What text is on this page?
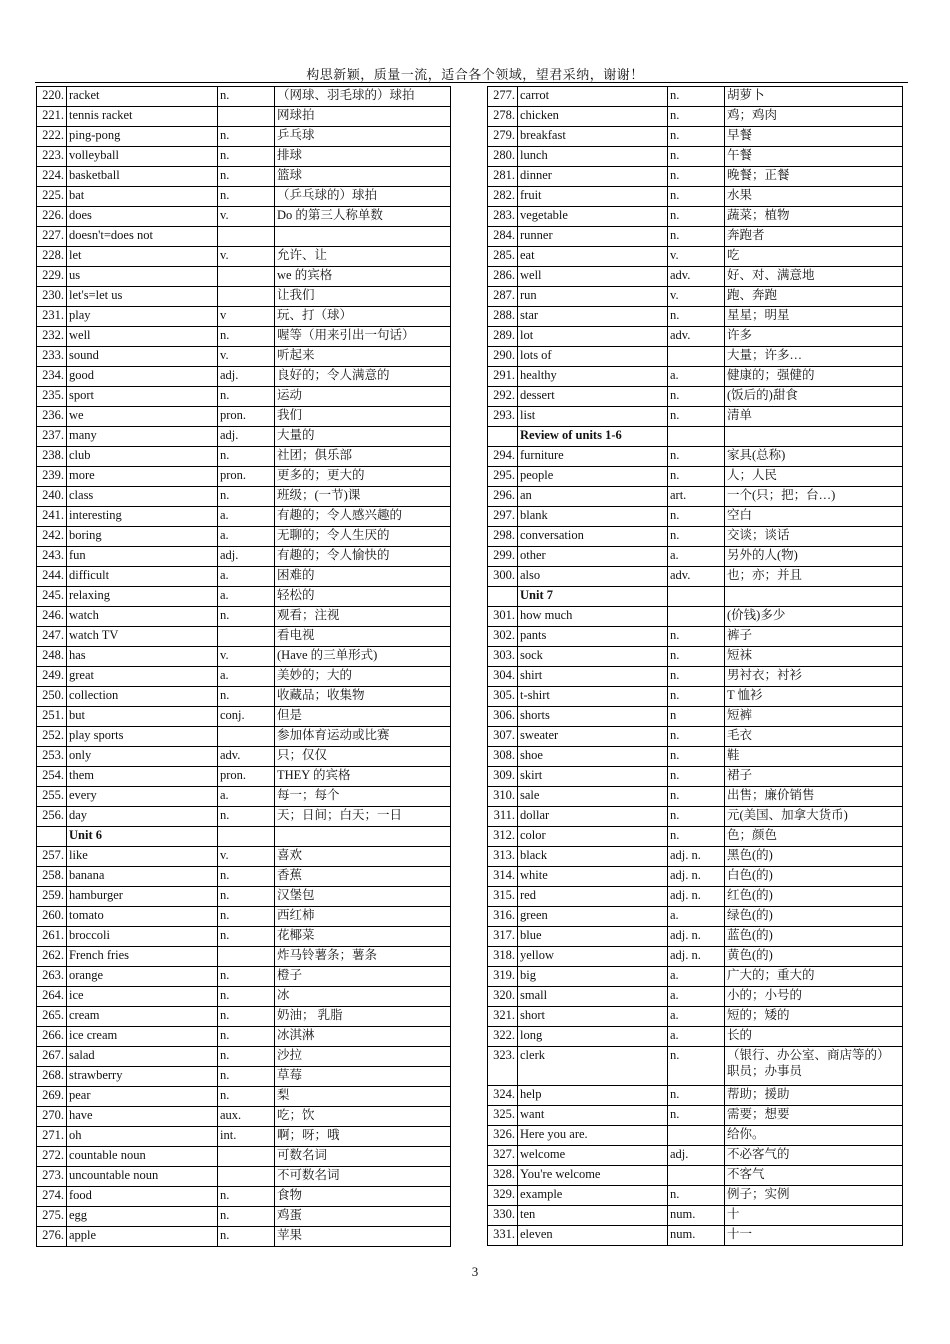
构思新颖，质量一流，适合各个领域，望君采纳，谢谢！
220.	racket	n.	（网球、羽毛球的）球拍
221.	tennis racket		网球拍
222.	ping-pong	n.	乒乓球
223.	volleyball	n.	排球
224.	basketball	n.	篮球
225.	bat	n.	（乒乓球的）球拍
226.	does	v.	Do 的第三人称单数
227.	doesn't=does not		
228.	let	v.	允许、让
229.	us		we 的宾格
230.	let's=let us		让我们
231.	play	v	玩、打（球）
232.	well	n.	喔等（用来引出一句话）
233.	sound	v.	听起来
234.	good	adj.	良好的；令人满意的
235.	sport	n.	运动
236.	we	pron.	我们
237.	many	adj.	大量的
238.	club	n.	社团；俱乐部
239.	more	pron.	更多的；更大的
240.	class	n.	班级；(一节)课
241.	interesting	a.	有趣的；令人感兴趣的
242.	boring	a.	无聊的；令人生厌的
243.	fun	adj.	有趣的；令人愉快的
244.	difficult	a.	困难的
245.	relaxing	a.	轻松的
246.	watch	n.	观看；注视
247.	watch TV		看电视
248.	has	v.	(Have 的三单形式)
249.	great	a.	美妙的；大的
250.	collection	n.	收藏品；收集物
251.	but	conj.	但是
252.	play sports		参加体育运动或比赛
253.	only	adv.	只；仅仅
254.	them	pron.	THEY 的宾格
255.	every	a.	每一；每个
256.	day	n.	天；日间；白天；一日
	Unit 6		
257.	like	v.	喜欢
258.	banana	n.	香蕉
259.	hamburger	n.	汉堡包
260.	tomato	n.	西红柿
261.	broccoli	n.	花椰菜
262.	French fries		炸马铃薯条；薯条
263.	orange	n.	橙子
264.	ice	n.	冰
265.	cream	n.	奶油； 乳脂
266.	ice cream	n.	冰淇淋
267.	salad	n.	沙拉
268.	strawberry	n.	草莓
269.	pear	n.	梨
270.	have	aux.	吃；饮
271.	oh	int.	啊；呀；哦
272.	countable noun		可数名词
273.	uncountable noun		不可数名词
274.	food	n.	食物
275.	egg	n.	鸡蛋
276.	apple	n.	苹果
277.	carrot	n.	胡萝卜
278.	chicken	n.	鸡；鸡肉
279.	breakfast	n.	早餐
280.	lunch	n.	午餐
281.	dinner	n.	晚餐；正餐
282.	fruit	n.	水果
283.	vegetable	n.	蔬菜；植物
284.	runner	n.	奔跑者
285.	eat	v.	吃
286.	well	adv.	好、对、满意地
287.	run	v.	跑、奔跑
288.	star	n.	星星；明星
289.	lot	adv.	许多
290.	lots of		大量；许多…
291.	healthy	a.	健康的；强健的
292.	dessert	n.	(饭后的)甜食
293.	list	n.	清单
	Review of units 1-6		
294.	furniture	n.	家具(总称)
295.	people	n.	人；人民
296.	an	art.	一个(只；把；台…)
297.	blank	n.	空白
298.	conversation	n.	交谈；谈话
299.	other	a.	另外的人(物)
300.	also	adv.	也；亦；并且
	Unit 7		
301.	how much		(价钱)多少
302.	pants	n.	裤子
303.	sock	n.	短袜
304.	shirt	n.	男衬衣；衬衫
305.	t-shirt	n.	T 恤衫
306.	shorts	n	短裤
307.	sweater	n.	毛衣
308.	shoe	n.	鞋
309.	skirt	n.	裙子
310.	sale	n.	出售；廉价销售
311.	dollar	n.	元(美国、加拿大货币)
312.	color	n.	色；颜色
313.	black	adj. n.	黑色(的)
314.	white	adj. n.	白色(的)
315.	red	adj. n.	红色(的)
316.	green	a.	绿色(的)
317.	blue	adj. n.	蓝色(的)
318.	yellow	adj. n.	黄色(的)
319.	big	a.	广大的；重大的
320.	small	a.	小的；小号的
321.	short	a.	短的；矮的
322.	long	a.	长的
323.	clerk	n.	（银行、办公室、商店等的）职员；办事员
324.	help	n.	帮助；援助
325.	want	n.	需要；想要
326.	Here you are.		给你。
327.	welcome	adj.	不必客气的
328.	You're welcome		不客气
329.	example	n.	例子；实例
330.	ten	num.	十
331.	eleven	num.	十一
3
